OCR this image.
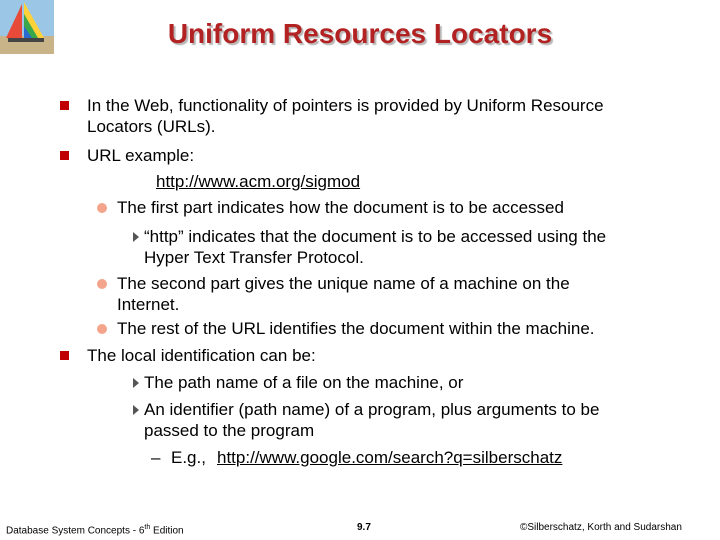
Uniform Resources Locators
In the Web, functionality of pointers is provided by Uniform Resource
Locators (URLs).
URL example:
http://www.acm.org/sigmod
The first part indicates how the document is to be accessed
“http” indicates that the document is to be accessed using the
Hyper Text Transfer Protocol.
The second part gives the unique name of a machine on the
Internet.
The rest of the URL identifies the document within the machine.
The local identification can be:
The path name of a file on the machine, or
An identifier (path name) of a program, plus arguments to be
passed to the program
– E.g., http://www.google.com/search?q=silberschatz
Database System Concepts - 6th Edition	9.7	©Silberschatz, Korth and Sudarshan
